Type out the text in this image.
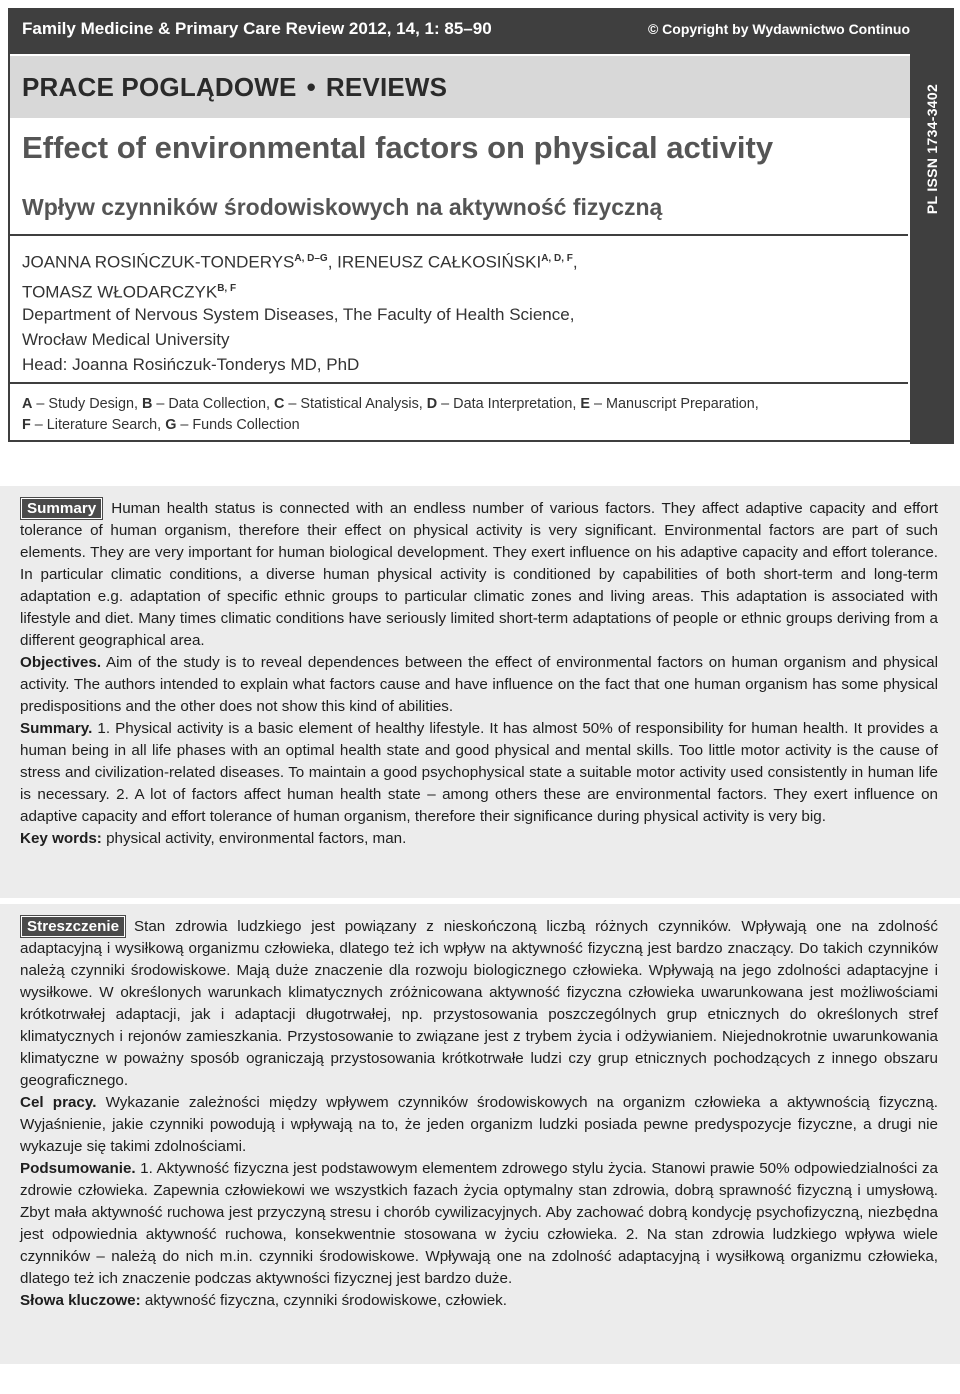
Family Medicine & Primary Care Review 2012, 14, 1: 85–90	© Copyright by Wydawnictwo Continuo
PL ISSN 1734-3402
PRACE POGLĄDOWE • REVIEWS
Effect of environmental factors on physical activity
Wpływ czynników środowiskowych na aktywność fizyczną
JOANNA ROSIŃCZUK-$TONDERYS^{A, D-G}$, IRENEUSZ $CAŁKOSIŃSKI^{A, D, F}$,
TOMASZ $WŁODARCZYK^{B, F}$
Department of Nervous System Diseases, The Faculty of Health Science,
Wrocław Medical University
Head: Joanna Rosińczuk-Tonderys MD, PhD
A – Study Design, B – Data Collection, C – Statistical Analysis, D – Data Interpretation, E – Manuscript Preparation,
F – Literature Search, G – Funds Collection

Summary Human health status is connected with an endless number of various factors. They affect adaptive capacity and effort tolerance of human organism, therefore their effect on physical activity is very significant. Environmental factors are part of such elements. They are very important for human biological development. They exert influence on his adaptive capacity and effort tolerance. In particular climatic conditions, a diverse human physical activity is conditioned by capabilities of both short-term and long-term adaptation e.g. adaptation of specific ethnic groups to particular climatic zones and living areas. This adaptation is associated with lifestyle and diet. Many times climatic conditions have seriously limited short-term adaptations of people or ethnic groups deriving from a different geographical area.

Objectives. Aim of the study is to reveal dependences between the effect of environmental factors on human organism and physical activity. The authors intended to explain what factors cause and have influence on the fact that one human organism has some physical predispositions and the other does not show this kind of abilities.

Summary. 1. Physical activity is a basic element of healthy lifestyle. It has almost 50% of responsibility for human health. It provides a human being in all life phases with an optimal health state and good physical and mental skills. Too little motor activity is the cause of stress and civilization-related diseases. To maintain a good psychophysical state a suitable motor activity used consistently in human life is necessary. 2. A lot of factors affect human health state – among others these are environmental factors. They exert influence on adaptive capacity and effort tolerance of human organism, therefore their significance during physical activity is very big.

Key words: physical activity, environmental factors, man.

Streszczenie Stan zdrowia ludzkiego jest powiązany z nieskończoną liczbą różnych czynników. Wpływają one na zdolność adaptacyjną i wysiłkową organizmu człowieka, dlatego też ich wpływ na aktywność fizyczną jest bardzo znaczący. Do takich czynników należą czynniki środowiskowe. Mają duże znaczenie dla rozwoju biologicznego człowieka. Wpływają na jego zdolności adaptacyjne i wysiłkowe. W określonych warunkach klimatycznych zróżnicowana aktywność fizyczna człowieka uwarunkowana jest możliwościami krótkotrwałej adaptacji, jak i adaptacji długotrwałej, np. przystosowania poszczególnych grup etnicznych do określonych stref klimatycznych i rejonów zamieszkania. Przystosowanie to związane jest z trybem życia i odżywianiem. Niejednokrotnie uwarunkowania klimatyczne w poważny sposób ograniczają przystosowania krótkotrwałe ludzi czy grup etnicznych pochodzących z innego obszaru geograficznego.

Cel pracy. Wykazanie zależności między wpływem czynników środowiskowych na organizm człowieka a aktywnością fizyczną. Wyjaśnienie, jakie czynniki powodują i wpływają na to, że jeden organizm ludzki posiada pewne predyspozycje fizyczne, a drugi nie wykazuje się takimi zdolnościami.

Podsumowanie. 1. Aktywność fizyczna jest podstawowym elementem zdrowego stylu życia. Stanowi prawie 50% odpowiedzialności za zdrowie człowieka. Zapewnia człowiekowi we wszystkich fazach życia optymalny stan zdrowia, dobrą sprawność fizyczną i umysłową. Zbyt mała aktywność ruchowa jest przyczyną stresu i chorób cywilizacyjnych. Aby zachować dobrą kondycję psychofizyczną, niezbędna jest odpowiednia aktywność ruchowa, konsekwentnie stosowana w życiu człowieka. 2. Na stan zdrowia ludzkiego wpływa wiele czynników – należą do nich m.in. czynniki środowiskowe. Wpływają one na zdolność adaptacyjną i wysiłkową organizmu człowieka, dlatego też ich znaczenie podczas aktywności fizycznej jest bardzo duże.

Słowa kluczowe: aktywność fizyczna, czynniki środowiskowe, człowiek.
